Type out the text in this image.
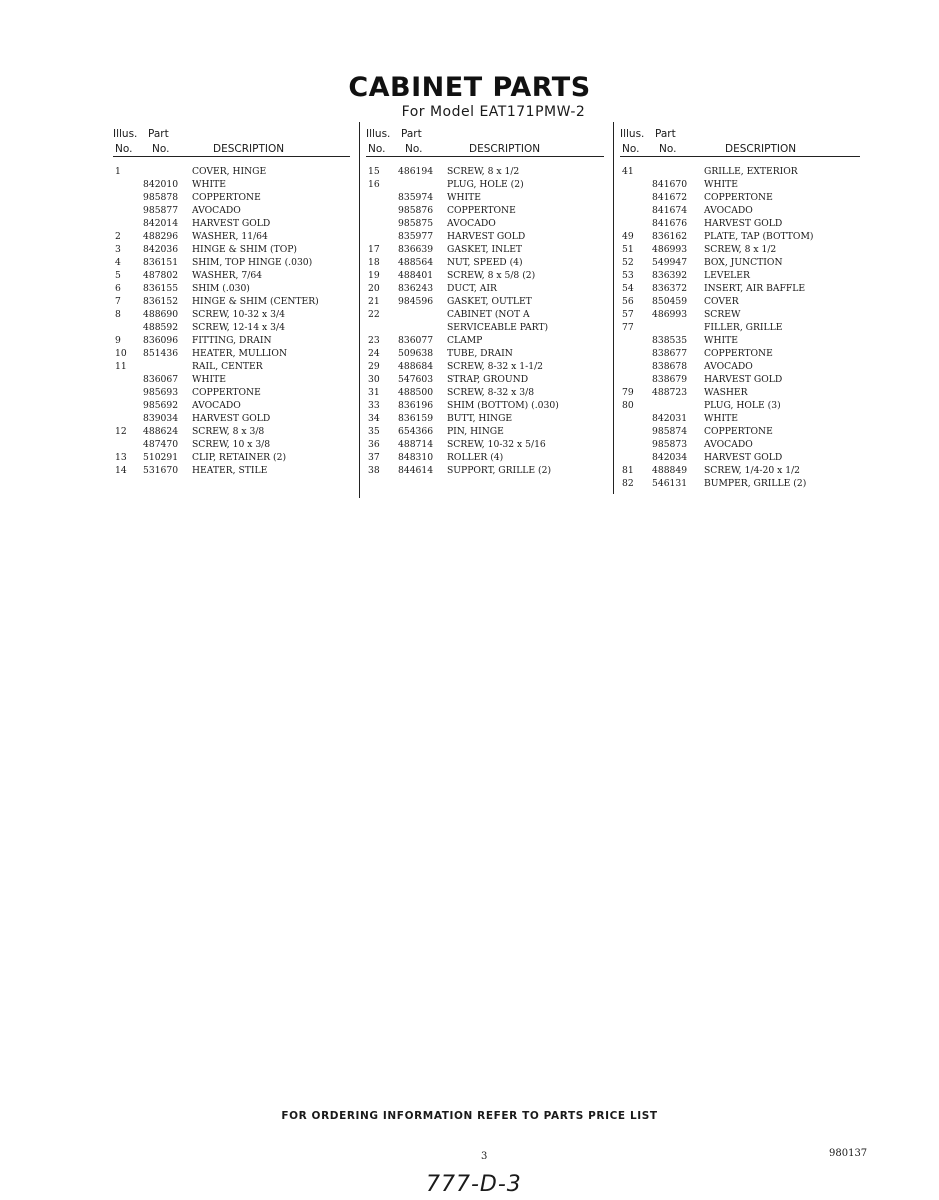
CABINET PARTS
For Model EAT171PMW-2
Illus. Part
No. No.	DESCRIPTION
1	COVER, HINGE
842010 WHITE
985878 COPPERTONE
985877 AVOCADO
842014 HARVEST GOLD
2	488296 WASHER, 11/64
3	842036 HINGE & SHIM (TOP)
4	836151 SHIM, TOP HINGE (.030)
5	487802 WASHER, 7/64
6	836155 SHIM (.030)
7	836152 HINGE & SHIM (CENTER)
8	488690 SCREW, 10-32 x 3/4
488592 SCREW, 12-14 x 3/4
9	836096 FITTING, DRAIN
10	851436 HEATER, MULLION
11	RAIL, CENTER
836067 WHITE
985693 COPPERTONE
985692 AVOCADO
839034 HARVEST GOLD
12	488624 SCREW, 8 x 3/8
487470 SCREW, 10 x 3/8
13	510291 CLIP, RETAINER (2)
14	531670 HEATER, STILE
Illus. Part
No. No.	DESCRIPTION
15	486194 SCREW, 8 x 1/2
16	PLUG, HOLE (2)
835974 WHITE
985876 COPPERTONE
985875 AVOCADO
835977 HARVEST GOLD
17	836639 GASKET, INLET
18	488564 NUT, SPEED (4)
19	488401 SCREW, 8 x 5/8 (2)
20	836243 DUCT, AIR
21	984596 GASKET, OUTLET
22	CABINET (NOT A
SERVICEABLE PART)
23	836077 CLAMP
24	509638 TUBE, DRAIN
29	488684 SCREW, 8-32 x 1-1/2
30	547603 STRAP, GROUND
31	488500 SCREW, 8-32 x 3/8
33	836196 SHIM (BOTTOM) (.030)
34	836159 BUTT, HINGE
35	654366 PIN, HINGE
36	488714 SCREW, 10-32 x 5/16
37	848310 ROLLER (4)
38	844614 SUPPORT, GRILLE (2)
Illus. Part
No. No.	DESCRIPTION
41	GRILLE, EXTERIOR
841670 WHITE
841672 COPPERTONE
841674 AVOCADO
841676 HARVEST GOLD
49	836162 PLATE, TAP (BOTTOM)
51	486993 SCREW, 8 x 1/2
52	549947 BOX, JUNCTION
53	836392 LEVELER
54	836372 INSERT, AIR BAFFLE
56	850459 COVER
57	486993 SCREW
77	FILLER, GRILLE
838535 WHITE
838677 COPPERTONE
838678 AVOCADO
838679 HARVEST GOLD
79	488723 WASHER
80	PLUG, HOLE (3)
842031 WHITE
985874 COPPERTONE
985873 AVOCADO
842034 HARVEST GOLD
81	488849 SCREW, 1/4-20 x 1/2
82	546131 BUMPER, GRILLE (2)
FOR ORDERING INFORMATION REFER TO PARTS PRICE LIST
3	980137
777-D-3
